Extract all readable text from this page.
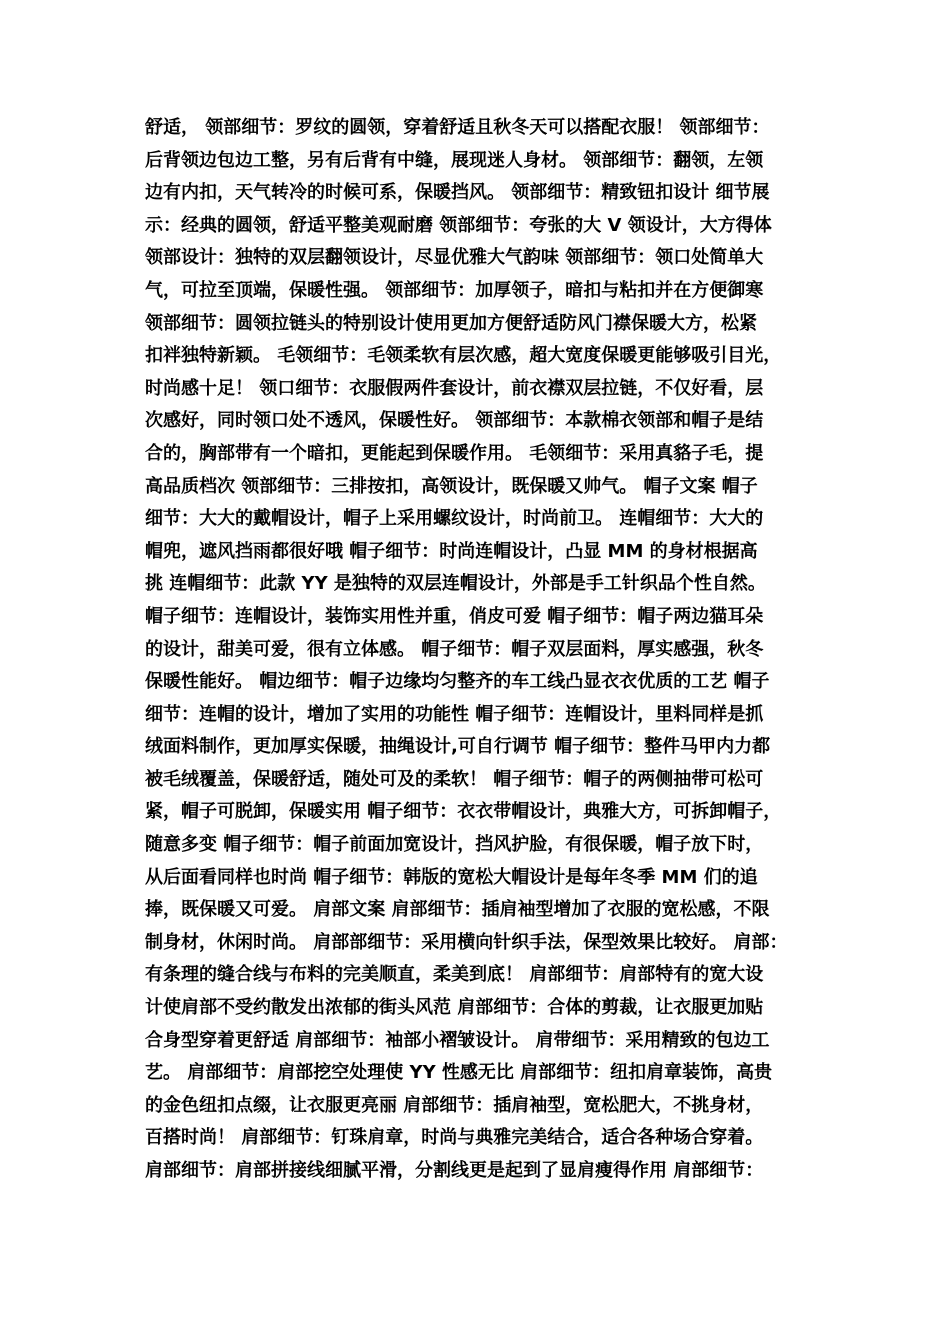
舒适， 领部细节：罗纹的圆领，穿着舒适且秋冬天可以搭配衣服！ 领部细节：
后背领边包边工整，另有后背有中缝，展现迷人身材。 领部细节：翻领，左领
边有内扣，天气转冷的时候可系，保暖挡风。 领部细节：精致钮扣设计 细节展
示：经典的圆领，舒适平整美观耐磨 领部细节：夸张的大 V 领设计，大方得体
领部设计：独特的双层翻领设计，尽显优雅大气韵味 领部细节：领口处简单大
气，可拉至顶端，保暖性强。 领部细节：加厚领子，暗扣与粘扣并在方便御寒
领部细节：圆领拉链头的特别设计使用更加方便舒适防风门襟保暖大方，松紧
扣袢独特新颖。 毛领细节：毛领柔软有层次感，超大宽度保暖更能够吸引目光，
时尚感十足！ 领口细节：衣服假两件套设计，前衣襟双层拉链，不仅好看，层
次感好，同时领口处不透风，保暖性好。 领部细节：本款棉衣领部和帽子是结
合的，胸部带有一个暗扣，更能起到保暖作用。 毛领细节：采用真貉子毛，提
高品质档次 领部细节：三排按扣，高领设计，既保暖又帅气。 帽子文案 帽子
细节：大大的戴帽设计，帽子上采用螺纹设计，时尚前卫。 连帽细节：大大的
帽兜，遮风挡雨都很好哦 帽子细节：时尚连帽设计，凸显 MM 的身材根据高
挑 连帽细节：此款 YY 是独特的双层连帽设计，外部是手工针织品个性自然。
帽子细节：连帽设计，装饰实用性并重，俏皮可爱 帽子细节：帽子两边猫耳朵
的设计，甜美可爱，很有立体感。 帽子细节：帽子双层面料，厚实感强，秋冬
保暖性能好。 帽边细节：帽子边缘均匀整齐的车工线凸显衣衣优质的工艺 帽子
细节：连帽的设计，增加了实用的功能性 帽子细节：连帽设计，里料同样是抓
绒面料制作，更加厚实保暖，抽绳设计,可自行调节 帽子细节：整件马甲内力都
被毛绒覆盖，保暖舒适，随处可及的柔软！ 帽子细节：帽子的两侧抽带可松可
紧，帽子可脱卸，保暖实用 帽子细节：衣衣带帽设计，典雅大方，可拆卸帽子，
随意多变 帽子细节：帽子前面加宽设计，挡风护脸，有很保暖，帽子放下时，
从后面看同样也时尚 帽子细节：韩版的宽松大帽设计是每年冬季 MM 们的追
捧，既保暖又可爱。 肩部文案 肩部细节：插肩袖型增加了衣服的宽松感，不限
制身材，休闲时尚。 肩部部细节：采用横向针织手法，保型效果比较好。 肩部：
有条理的缝合线与布料的完美顺直，柔美到底！ 肩部细节：肩部特有的宽大设
计使肩部不受约散发出浓郁的街头风范 肩部细节：合体的剪裁，让衣服更加贴
合身型穿着更舒适 肩部细节：袖部小褶皱设计。 肩带细节：采用精致的包边工
艺。 肩部细节：肩部挖空处理使 YY 性感无比 肩部细节：纽扣肩章装饰，高贵
的金色纽扣点缀，让衣服更亮丽 肩部细节：插肩袖型，宽松肥大，不挑身材，
百搭时尚！ 肩部细节：钉珠肩章，时尚与典雅完美结合，适合各种场合穿着。
肩部细节：肩部拼接线细腻平滑，分割线更是起到了显肩瘦得作用 肩部细节：
